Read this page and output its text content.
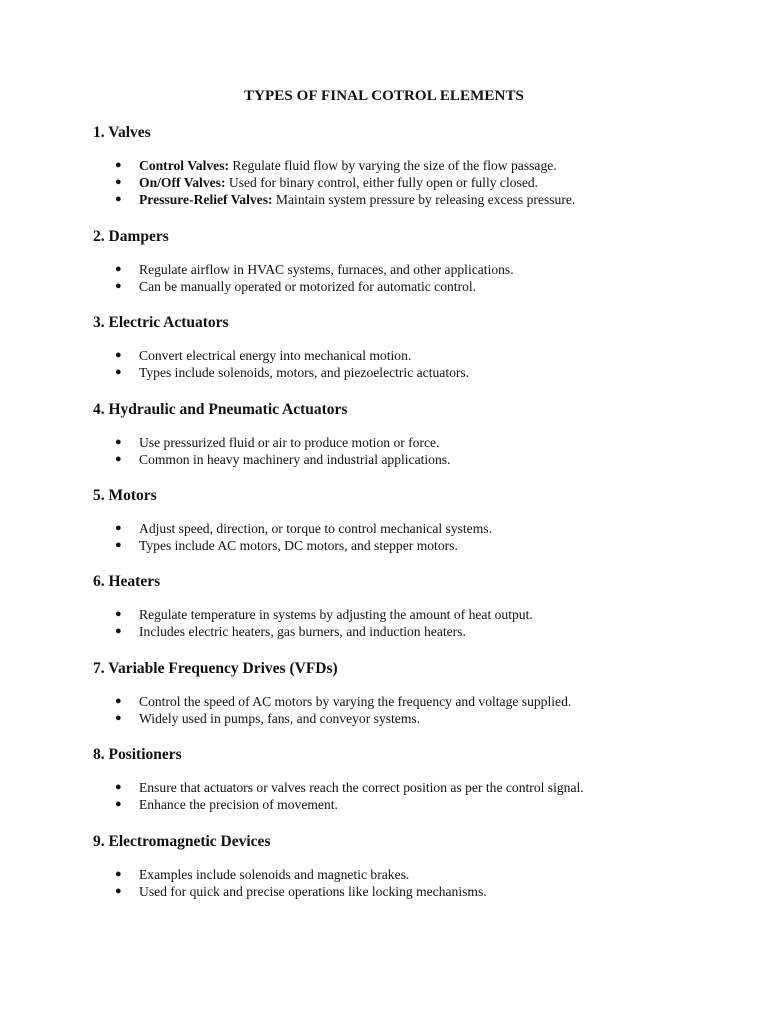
TYPES OF FINAL COTROL ELEMENTS
1. Valves
● Control Valves: Regulate fluid flow by varying the size of the flow passage.
● On/Off Valves: Used for binary control, either fully open or fully closed.
● Pressure-Relief Valves: Maintain system pressure by releasing excess pressure.
2. Dampers
● Regulate airflow in HVAC systems, furnaces, and other applications.
● Can be manually operated or motorized for automatic control.
3. Electric Actuators
● Convert electrical energy into mechanical motion.
● Types include solenoids, motors, and piezoelectric actuators.
4. Hydraulic and Pneumatic Actuators
● Use pressurized fluid or air to produce motion or force.
● Common in heavy machinery and industrial applications.
5. Motors
● Adjust speed, direction, or torque to control mechanical systems.
● Types include AC motors, DC motors, and stepper motors.
6. Heaters
● Regulate temperature in systems by adjusting the amount of heat output.
● Includes electric heaters, gas burners, and induction heaters.
7. Variable Frequency Drives (VFDs)
● Control the speed of AC motors by varying the frequency and voltage supplied.
● Widely used in pumps, fans, and conveyor systems.
8. Positioners
● Ensure that actuators or valves reach the correct position as per the control signal.
● Enhance the precision of movement.
9. Electromagnetic Devices
● Examples include solenoids and magnetic brakes.
● Used for quick and precise operations like locking mechanisms.
